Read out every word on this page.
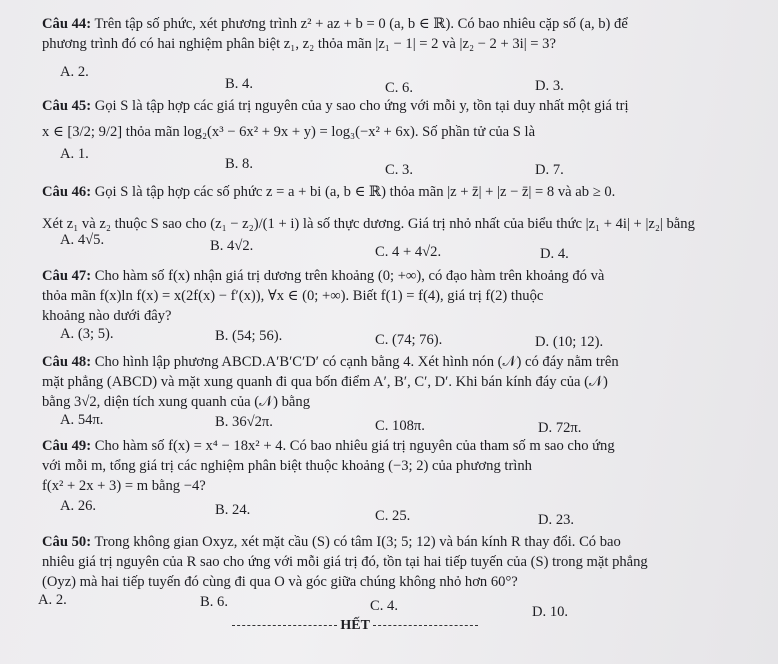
Câu 44: Trên tập số phức, xét phương trình z² + az + b = 0 (a, b ∈ ℝ). Có bao nhiêu cặp số (a, b) để
phương trình đó có hai nghiệm phân biệt z₁, z₂ thỏa mãn |z₁ − 1| = 2 và |z₂ − 2 + 3i| = 3?
A. 2.
B. 4.	C. 6.	D. 3.
Câu 45: Gọi S là tập hợp các giá trị nguyên của y sao cho ứng với mỗi y, tồn tại duy nhất một giá trị
x ∈ [3/2; 9/2] thỏa mãn log₂(x³ − 6x² + 9x + y) = log₃(−x² + 6x). Số phần tử của S là
A. 1.
B. 8.	C. 3.	D. 7.
Câu 46: Gọi S là tập hợp các số phức z = a + bi (a, b ∈ ℝ) thỏa mãn |z + z̄| + |z − z̄| = 8 và ab ≥ 0.
Xét z₁ và z₂ thuộc S sao cho (z₁ − z₂)/(1 + i) là số thực dương. Giá trị nhỏ nhất của biểu thức |z₁ + 4i| + |z₂| bằng
A. 4√5.	B. 4√2.	C. 4 + 4√2.	D. 4.
Câu 47: Cho hàm số f(x) nhận giá trị dương trên khoảng (0; +∞), có đạo hàm trên khoảng đó và
thỏa mãn f(x)ln f(x) = x(2f(x) − f′(x)), ∀x ∈ (0; +∞). Biết f(1) = f(4), giá trị f(2) thuộc
khoảng nào dưới đây?
A. (3; 5).	B. (54; 56).	C. (74; 76).	D. (10; 12).
Câu 48: Cho hình lập phương ABCD.A′B′C′D′ có cạnh bằng 4. Xét hình nón (𝒩) có đáy nằm trên
mặt phẳng (ABCD) và mặt xung quanh đi qua bốn điểm A′, B′, C′, D′. Khi bán kính đáy của (𝒩)
bằng 3√2, diện tích xung quanh của (𝒩) bằng
A. 54π.	B. 36√2π.	C. 108π.	D. 72π.
Câu 49: Cho hàm số f(x) = x⁴ − 18x² + 4. Có bao nhiêu giá trị nguyên của tham số m sao cho ứng
với mỗi m, tổng giá trị các nghiệm phân biệt thuộc khoảng (−3; 2) của phương trình
f(x² + 2x + 3) = m bằng −4?
A. 26.	B. 24.	C. 25.	D. 23.
Câu 50: Trong không gian Oxyz, xét mặt cầu (S) có tâm I(3; 5; 12) và bán kính R thay đổi. Có bao
nhiêu giá trị nguyên của R sao cho ứng với mỗi giá trị đó, tồn tại hai tiếp tuyến của (S) trong mặt phẳng
(Oyz) mà hai tiếp tuyến đó cùng đi qua O và góc giữa chúng không nhỏ hơn 60°?
A. 2.	B. 6.	C. 4.	D. 10.
HẾT
